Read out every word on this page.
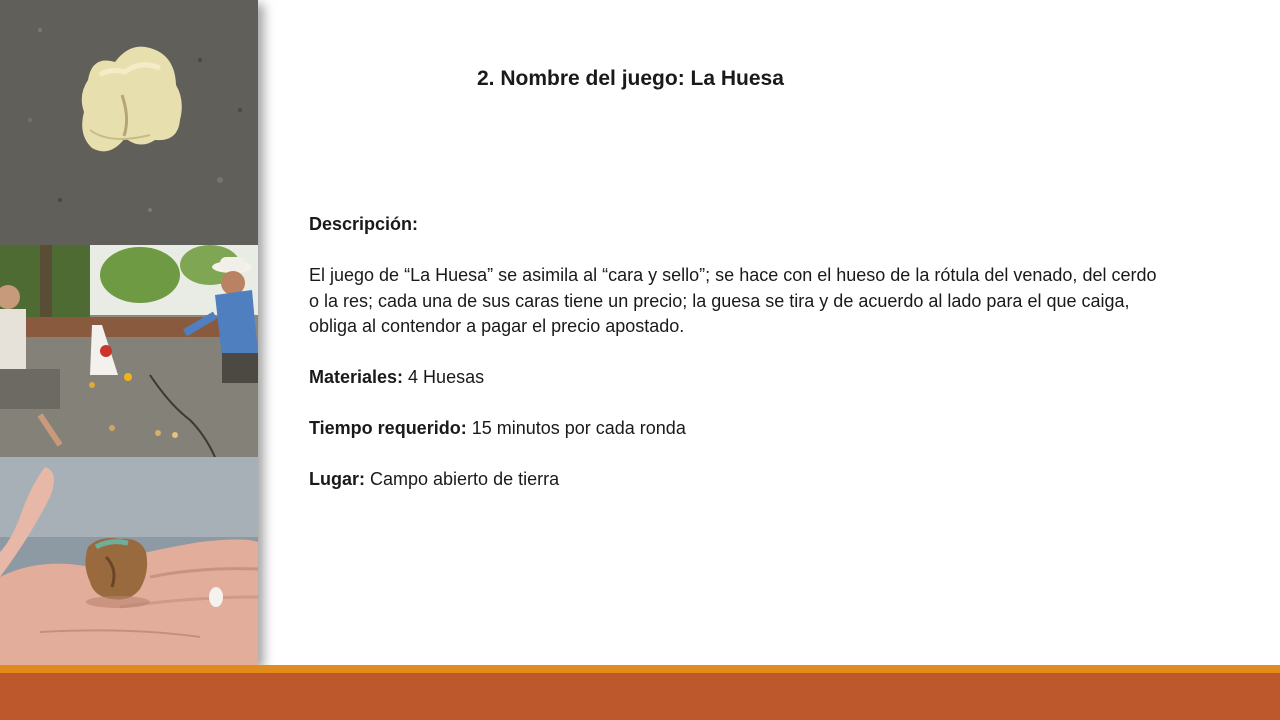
2. Nombre del juego: La Huesa

Descripción:

El juego de “La Huesa” se asimila al “cara y sello”; se hace con el hueso de la rótula del venado, del cerdo o la res; cada una de sus caras tiene un precio; la guesa se tira y de acuerdo al lado para el que caiga, obliga al contendor a pagar el precio apostado.

Materiales: 4 Huesas

Tiempo requerido: 15 minutos por cada ronda

Lugar: Campo abierto de tierra
